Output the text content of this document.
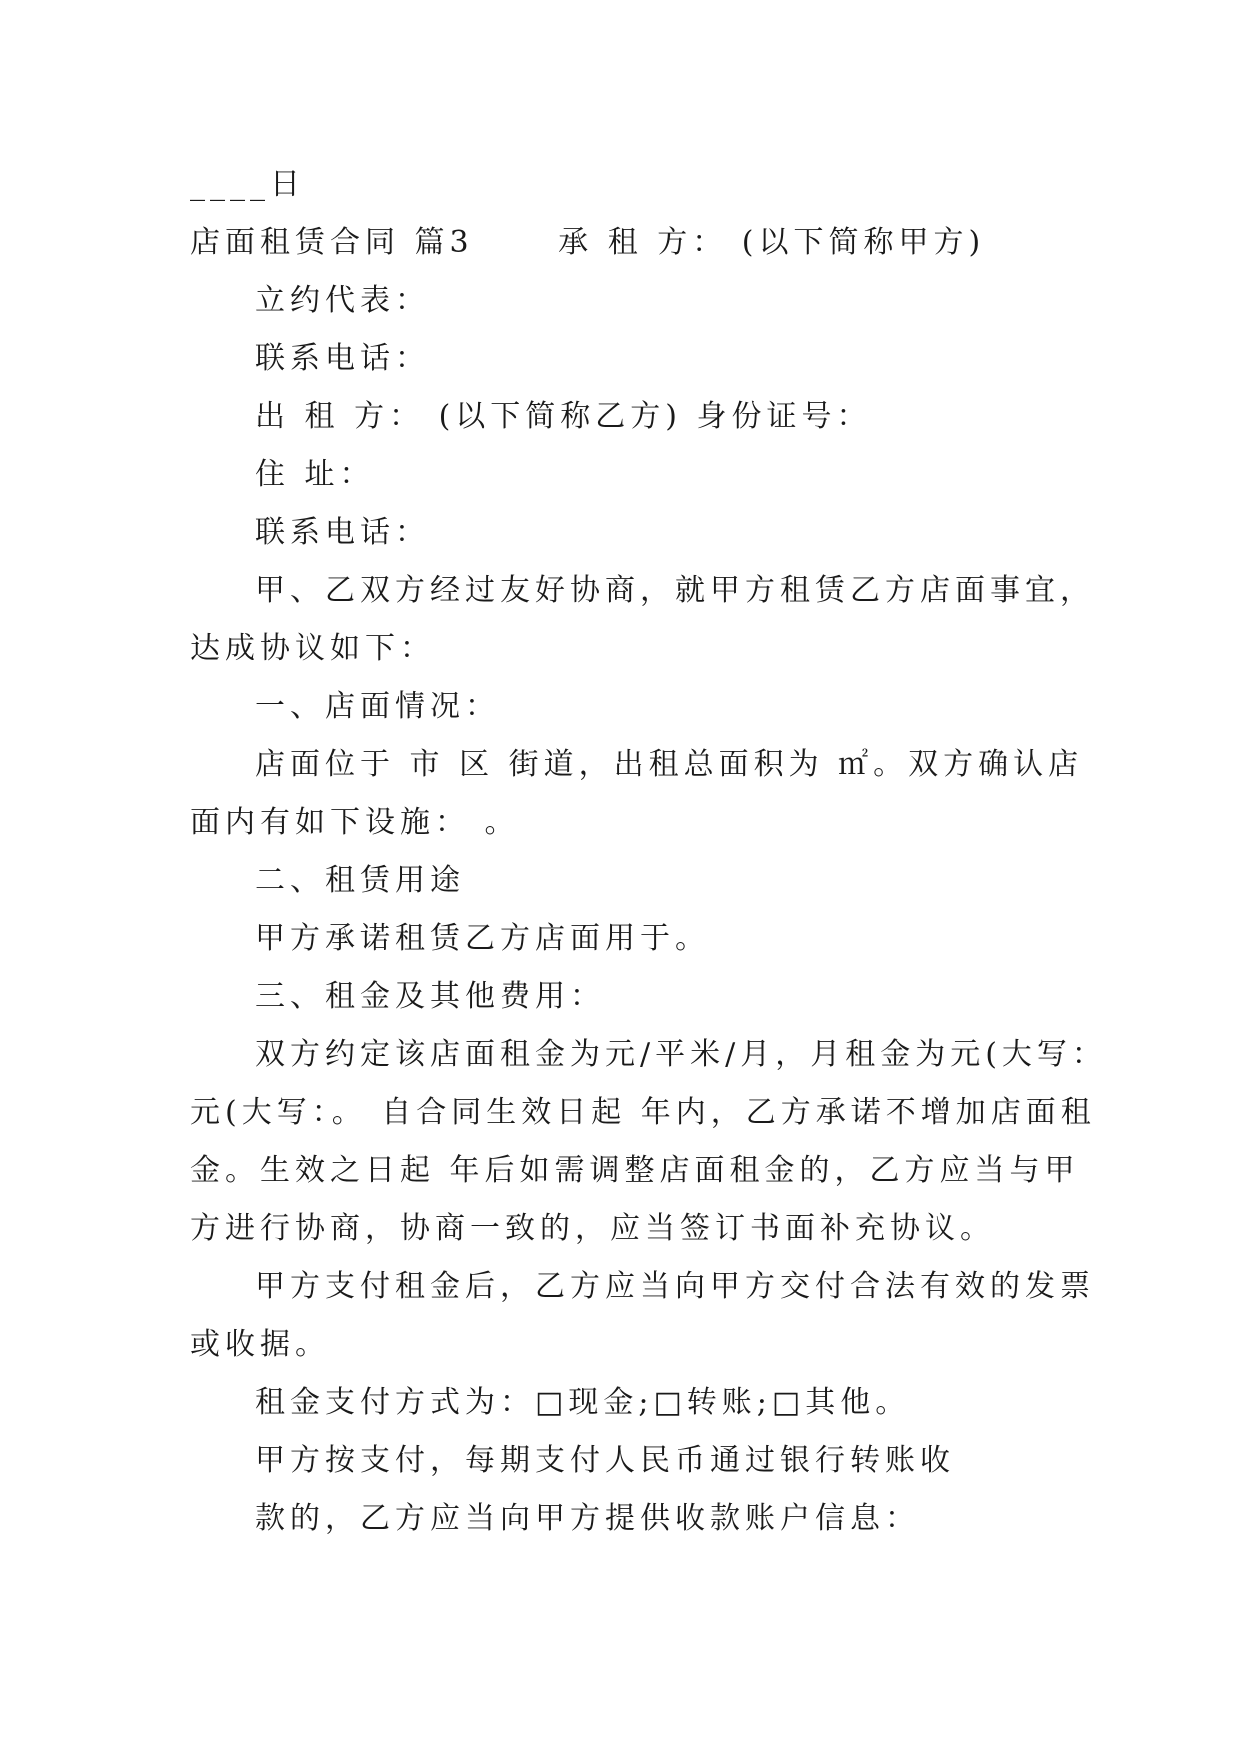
____日
店面租赁合同 篇3 　　承 租 方： (以下简称甲方)
立约代表：
联系电话：
出 租 方： (以下简称乙方) 身份证号：
住 址：
联系电话：
甲、乙双方经过友好协商，就甲方租赁乙方店面事宜，
达成协议如下：
一、店面情况：
店面位于 市 区 街道，出租总面积为 ㎡。双方确认店
面内有如下设施： 。
二、租赁用途
甲方承诺租赁乙方店面用于。
三、租金及其他费用：
双方约定该店面租金为元/平米/月，月租金为元(大写：
元(大写：。 自合同生效日起 年内，乙方承诺不增加店面租
金。生效之日起 年后如需调整店面租金的，乙方应当与甲
方进行协商，协商一致的，应当签订书面补充协议。
甲方支付租金后，乙方应当向甲方交付合法有效的发票
或收据。
租金支付方式为：□现金;□转账;□其他。
甲方按支付，每期支付人民币通过银行转账收
款的，乙方应当向甲方提供收款账户信息：
